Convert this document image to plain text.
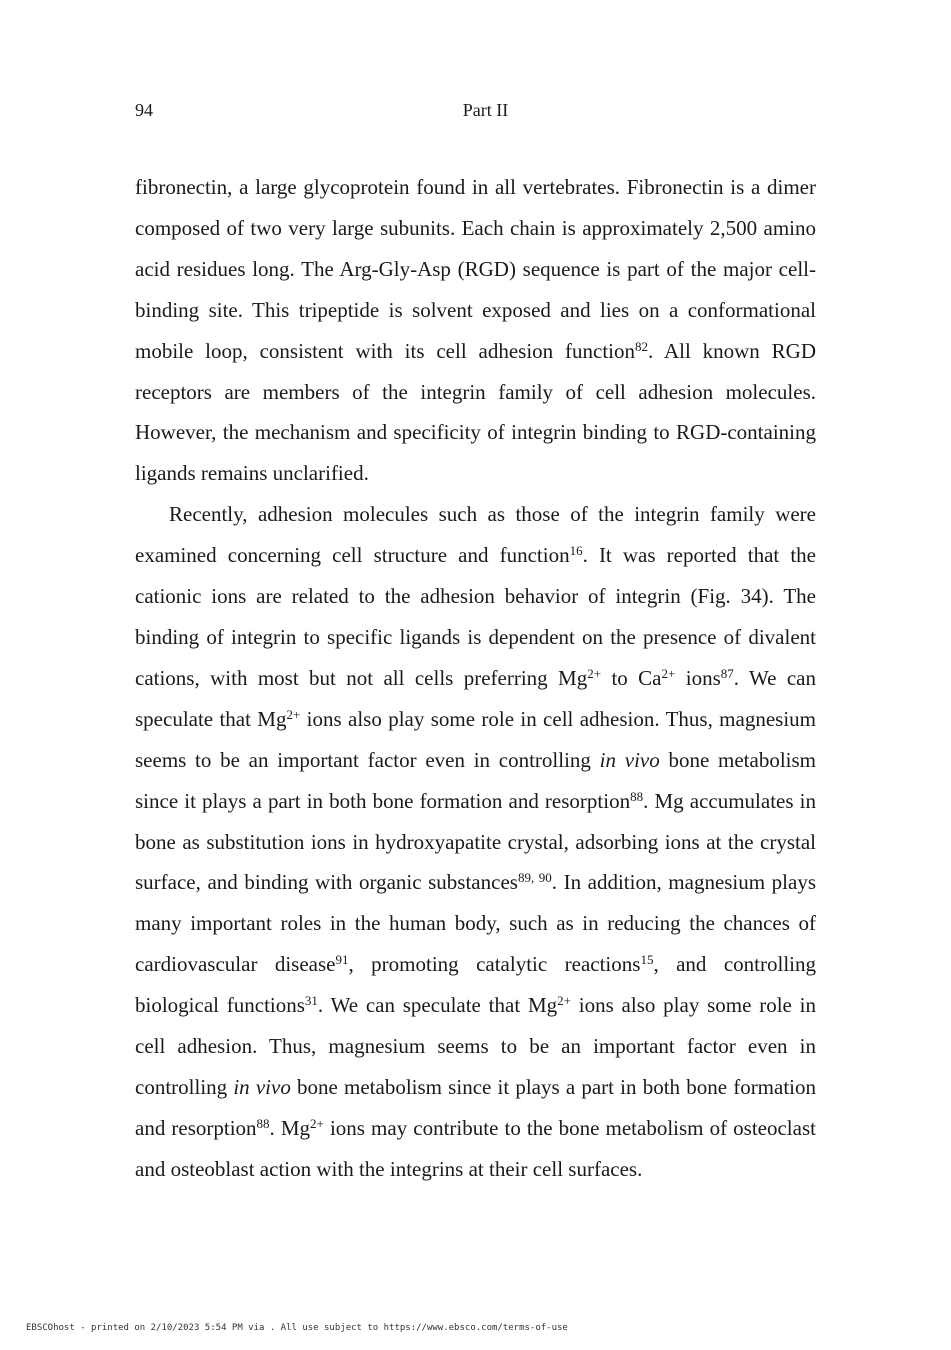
94	Part II

fibronectin, a large glycoprotein found in all vertebrates. Fibronectin is a dimer composed of two very large subunits. Each chain is approximately 2,500 amino acid residues long. The Arg-Gly-Asp (RGD) sequence is part of the major cell-binding site. This tripeptide is solvent exposed and lies on a conformational mobile loop, consistent with its cell adhesion function$^{82}$. All known RGD receptors are members of the integrin family of cell adhesion molecules. However, the mechanism and specificity of integrin binding to RGD-containing ligands remains unclarified.

Recently, adhesion molecules such as those of the integrin family were examined concerning cell structure and function$^{16}$. It was reported that the cationic ions are related to the adhesion behavior of integrin (Fig. 34). The binding of integrin to specific ligands is dependent on the presence of divalent cations, with most but not all cells preferring $Mg^{2+}$ to $Ca^{2+}$ ions$^{87}$. We can speculate that $Mg^{2+}$ ions also play some role in cell adhesion. Thus, magnesium seems to be an important factor even in controlling in vivo bone metabolism since it plays a part in both bone formation and resorption$^{88}$. Mg accumulates in bone as substitution ions in hydroxyapatite crystal, adsorbing ions at the crystal surface, and binding with organic substances$^{89, 90}$. In addition, magnesium plays many important roles in the human body, such as in reducing the chances of cardiovascular disease$^{91}$, promoting catalytic reactions$^{15}$, and controlling biological functions$^{31}$. We can speculate that $Mg^{2+}$ ions also play some role in cell adhesion. Thus, magnesium seems to be an important factor even in controlling in vivo bone metabolism since it plays a part in both bone formation and resorption$^{88}$. $Mg^{2+}$ ions may contribute to the bone metabolism of osteoclast and osteoblast action with the integrins at their cell surfaces.

EBSCOhost - printed on 2/10/2023 5:54 PM via . All use subject to https://www.ebsco.com/terms-of-use
